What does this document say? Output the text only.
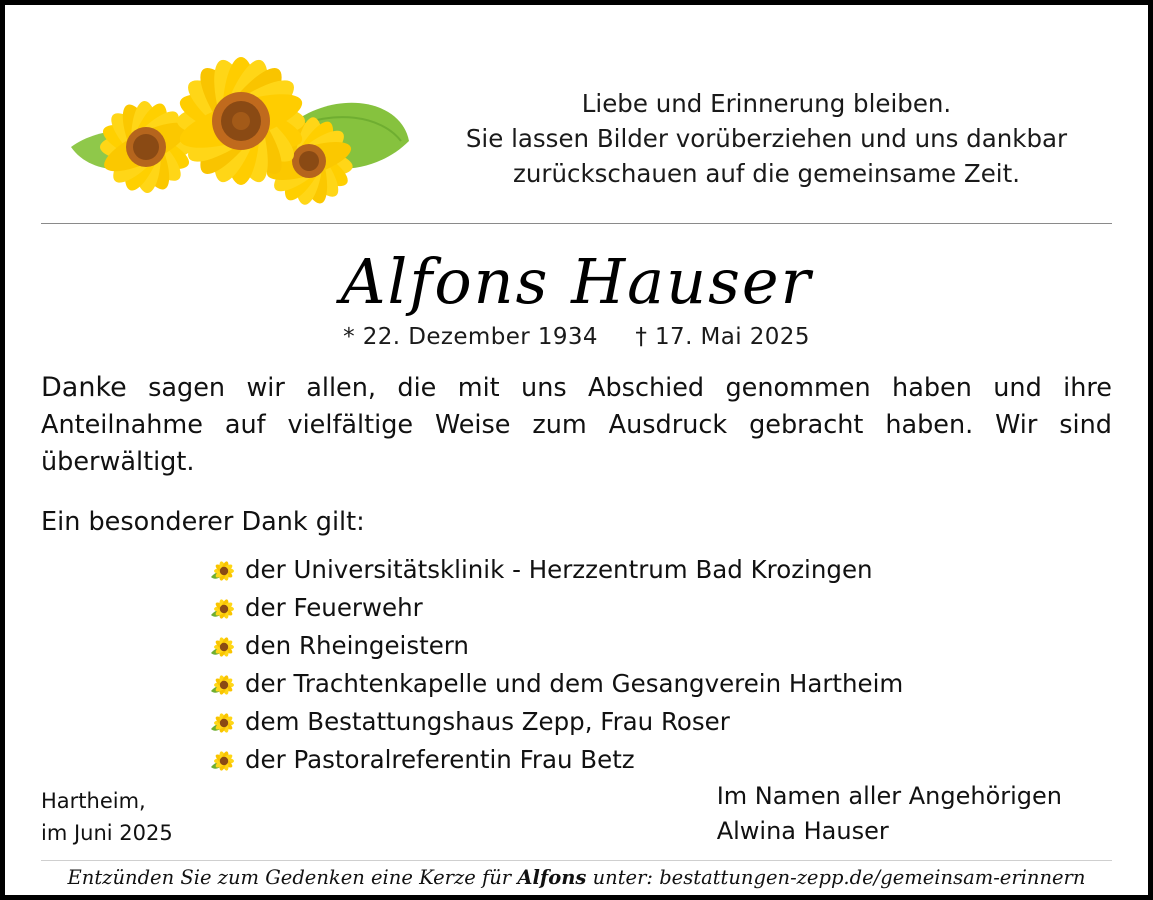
Liebe und Erinnerung bleiben.
Sie lassen Bilder vorüberziehen und uns dankbar
zurückschauen auf die gemeinsame Zeit.
Alfons Hauser
* 22. Dezember 1934 † 17. Mai 2025

Danke sagen wir allen, die mit uns Abschied genommen haben und ihre Anteilnahme auf vielfältige Weise zum Ausdruck gebracht haben. Wir sind überwältigt.

Ein besonderer Dank gilt:
der Universitätsklinik - Herzzentrum Bad Krozingen
der Feuerwehr
den Rheingeistern
der Trachtenkapelle und dem Gesangverein Hartheim
dem Bestattungshaus Zepp, Frau Roser
der Pastoralreferentin Frau Betz
Hartheim,
im Juni 2025
Im Namen aller Angehörigen
Alwina Hauser
Entzünden Sie zum Gedenken eine Kerze für Alfons unter: bestattungen-zepp.de/gemeinsam-erinnern
